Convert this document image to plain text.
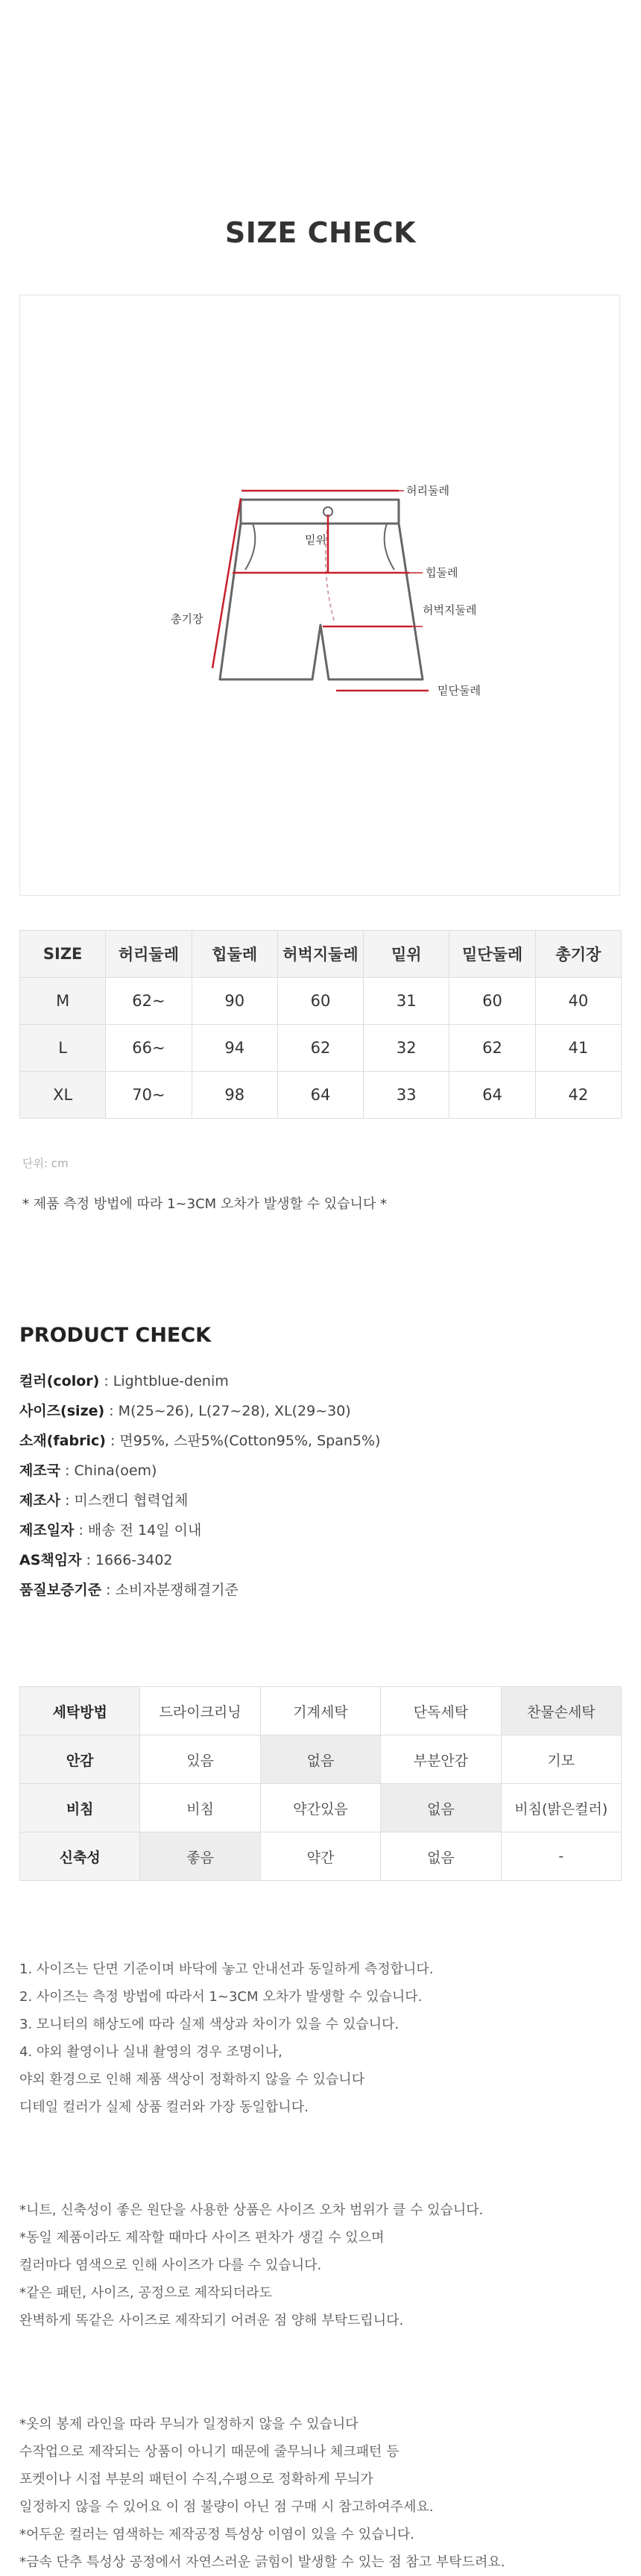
SIZE CHECK
허리둘레
밑위
힙둘레
허벅지둘레
총기장
밑단둘레
SIZE	허리둘레	힙둘레	허벅지둘레	밑위	밑단둘레	총기장
M	62~	90	60	31	60	40
L	66~	94	62	32	62	41
XL	70~	98	64	33	64	42
단위: cm
* 제품 측정 방법에 따라 1~3CM 오차가 발생할 수 있습니다 *
PRODUCT CHECK
컬러(color) : Lightblue-denim
사이즈(size) : M(25~26), L(27~28), XL(29~30)
소재(fabric) : 면95%, 스판5%(Cotton95%, Span5%)
제조국 : China(oem)
제조사 : 미스캔디 협력업체
제조일자 : 배송 전 14일 이내
AS책임자 : 1666-3402
품질보증기준 : 소비자분쟁해결기준
세탁방법	드라이크리닝	기계세탁	단독세탁	찬물손세탁
안감	있음	없음	부분안감	기모
비침	비침	약간있음	없음	비침(밝은컬러)
신축성	좋음	약간	없음	-
1. 사이즈는 단면 기준이며 바닥에 놓고 안내선과 동일하게 측정합니다.
2. 사이즈는 측정 방법에 따라서 1~3CM 오차가 발생할 수 있습니다.
3. 모니터의 해상도에 따라 실제 색상과 차이가 있을 수 있습니다.
4. 야외 촬영이나 실내 촬영의 경우 조명이나,
야외 환경으로 인해 제품 색상이 정확하지 않을 수 있습니다
디테일 컬러가 실제 상품 컬러와 가장 동일합니다.
*니트, 신축성이 좋은 원단을 사용한 상품은 사이즈 오차 범위가 클 수 있습니다.
*동일 제품이라도 제작할 때마다 사이즈 편차가 생길 수 있으며
컬러마다 염색으로 인해 사이즈가 다를 수 있습니다.
*같은 패턴, 사이즈, 공정으로 제작되더라도
완벽하게 똑같은 사이즈로 제작되기 어려운 점 양해 부탁드립니다.
*옷의 봉제 라인을 따라 무늬가 일정하지 않을 수 있습니다
수작업으로 제작되는 상품이 아니기 때문에 줄무늬나 체크패턴 등
포켓이나 시접 부분의 패턴이 수직,수평으로 정확하게 무늬가
일정하지 않을 수 있어요 이 점 불량이 아닌 점 구매 시 참고하여주세요.
*어두운 컬러는 염색하는 제작공정 특성상 이염이 있을 수 있습니다.
*금속 단추 특성상 공정에서 자연스러운 긁힘이 발생할 수 있는 점 참고 부탁드려요.
